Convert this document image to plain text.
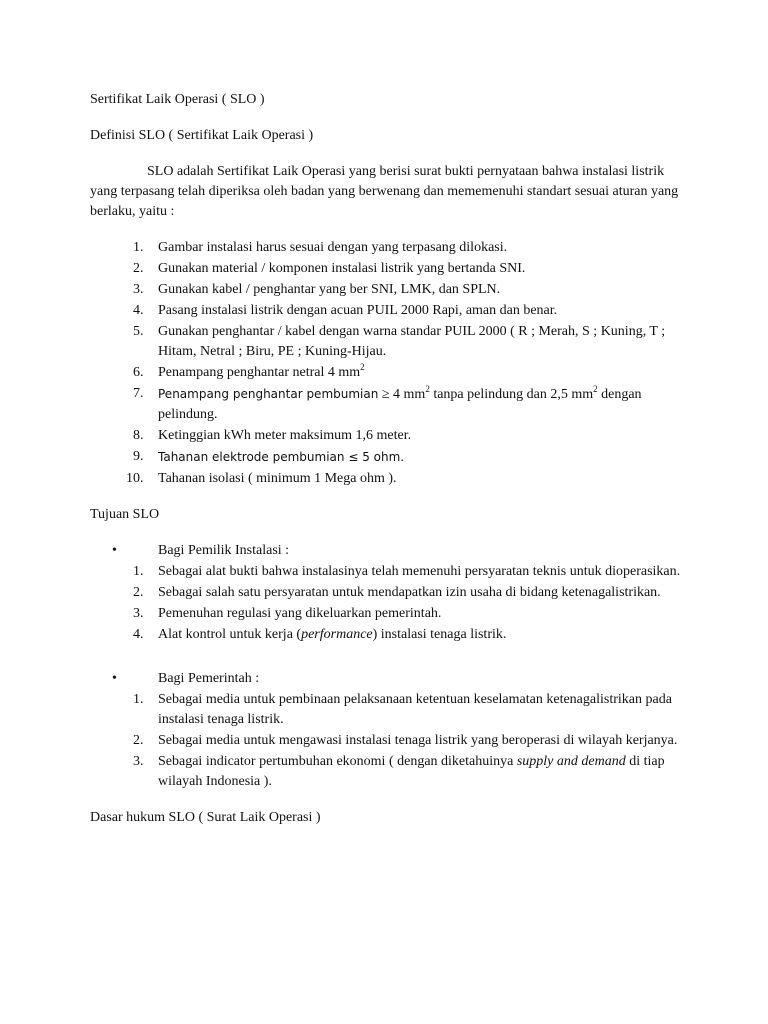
Sertifikat Laik Operasi ( SLO )

Definisi SLO ( Sertifikat Laik Operasi )

SLO adalah Sertifikat Laik Operasi yang berisi surat bukti pernyataan bahwa instalasi listrik yang terpasang telah diperiksa oleh badan yang berwenang dan mememenuhi standart sesuai aturan yang berlaku, yaitu :

1. Gambar instalasi harus sesuai dengan yang terpasang dilokasi.
2. Gunakan material / komponen instalasi listrik yang bertanda SNI.
3. Gunakan kabel / penghantar yang ber SNI, LMK, dan SPLN.
4. Pasang instalasi listrik dengan acuan PUIL 2000 Rapi, aman dan benar.
5. Gunakan penghantar / kabel dengan warna standar PUIL 2000 ( R ; Merah, S ; Kuning, T ; Hitam, Netral ; Biru, PE ; Kuning-Hijau.
6. Penampang penghantar netral 4 $mm^2$
7. Penampang penghantar pembumian ≥ 4 $mm^2$ tanpa pelindung dan 2,5 $mm^2$ dengan pelindung.
8. Ketinggian kWh meter maksimum 1,6 meter.
9. Tahanan elektrode pembumian ≤ 5 ohm.
10. Tahanan isolasi ( minimum 1 Mega ohm ).

Tujuan SLO

•	Bagi Pemilik Instalasi :
1. Sebagai alat bukti bahwa instalasinya telah memenuhi persyaratan teknis untuk dioperasikan.
2. Sebagai salah satu persyaratan untuk mendapatkan izin usaha di bidang ketenagalistrikan.
3. Pemenuhan regulasi yang dikeluarkan pemerintah.
4. Alat kontrol untuk kerja (performance) instalasi tenaga listrik.
•	Bagi Pemerintah :
1. Sebagai media untuk pembinaan pelaksanaan ketentuan keselamatan ketenagalistrikan pada instalasi tenaga listrik.
2. Sebagai media untuk mengawasi instalasi tenaga listrik yang beroperasi di wilayah kerjanya.
3. Sebagai indicator pertumbuhan ekonomi ( dengan diketahuinya supply and demand di tiap wilayah Indonesia ).

Dasar hukum SLO ( Surat Laik Operasi )
